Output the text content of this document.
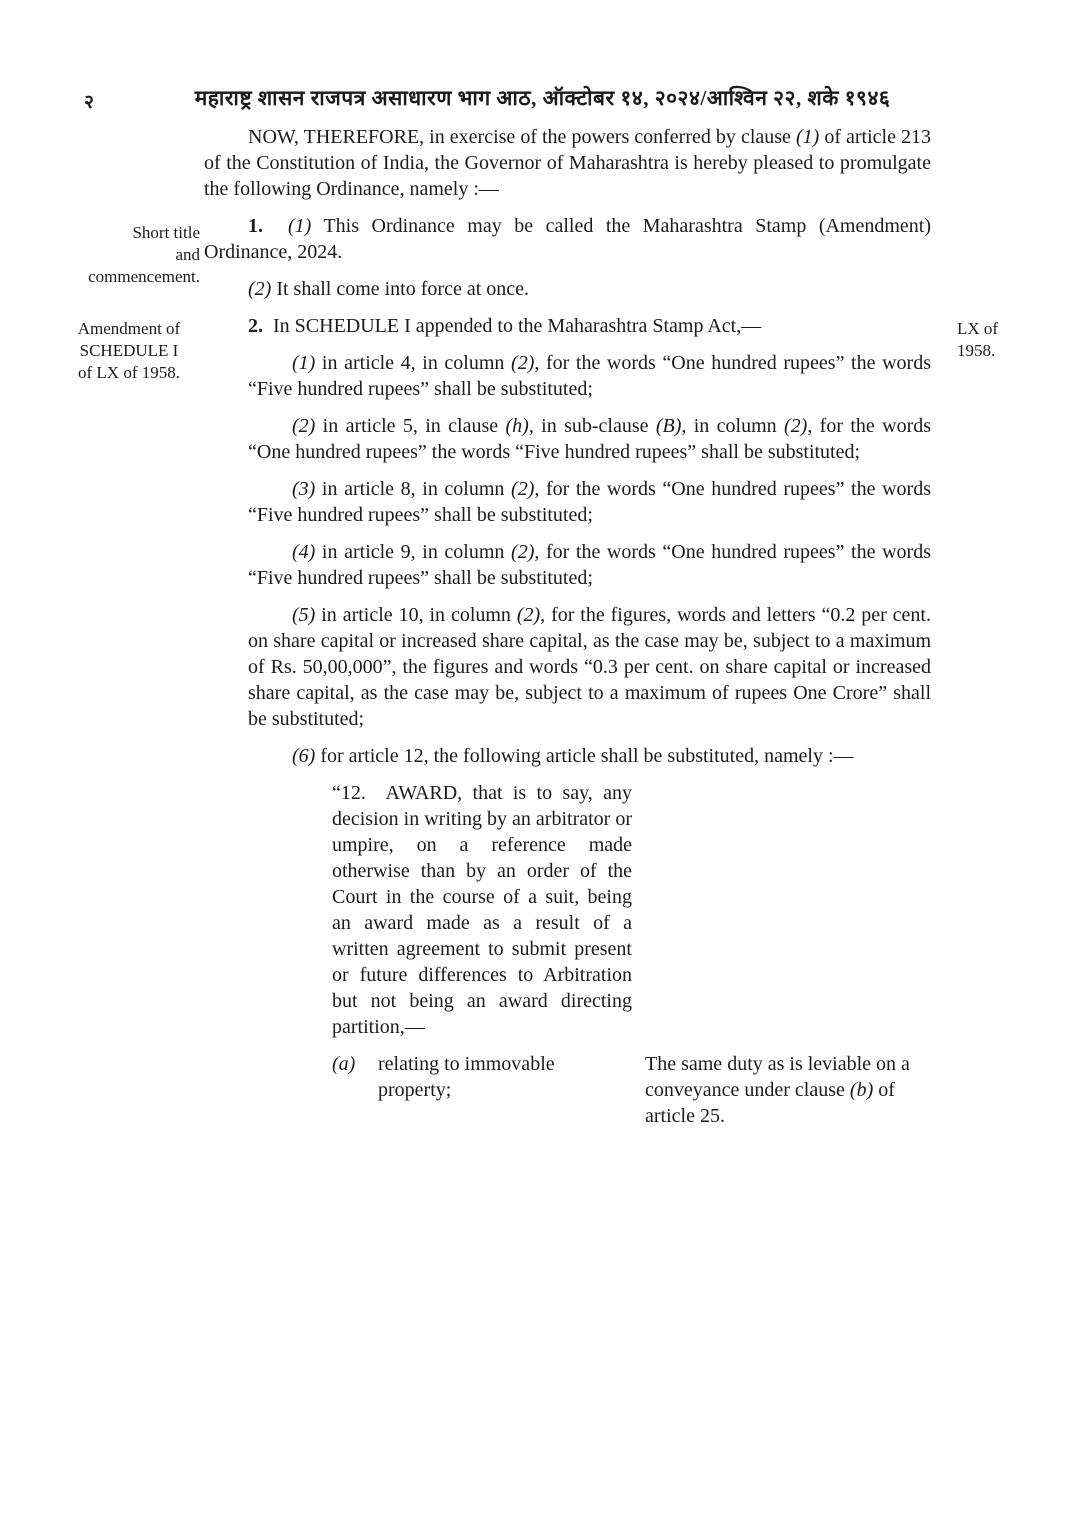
२	महाराष्ट्र शासन राजपत्र असाधारण भाग आठ, ऑक्टोबर १४, २०२४/आश्विन २२, शके १९४६
Short title
and
commencement.
Amendment of
SCHEDULE I
of LX of 1958.
LX of
1958.

NOW, THEREFORE, in exercise of the powers conferred by clause (1) of article 213 of the Constitution of India, the Governor of Maharashtra is hereby pleased to promulgate the following Ordinance, namely :—

1. (1) This Ordinance may be called the Maharashtra Stamp (Amendment) Ordinance, 2024.

(2) It shall come into force at once.

2.  In SCHEDULE I appended to the Maharashtra Stamp Act,—

(1) in article 4, in column (2), for the words “One hundred rupees” the words “Five hundred rupees” shall be substituted;

(2) in article 5, in clause (h), in sub-clause (B), in column (2), for the words “One hundred rupees” the words “Five hundred rupees” shall be substituted;

(3) in article 8, in column (2), for the words “One hundred rupees” the words “Five hundred rupees” shall be substituted;

(4) in article 9, in column (2), for the words “One hundred rupees” the words “Five hundred rupees” shall be substituted;

(5) in article 10, in column (2), for the figures, words and letters “0.2 per cent. on share capital or increased share capital, as the case may be, subject to a maximum of Rs. 50,00,000”, the figures and words “0.3 per cent. on share capital or increased share capital, as the case may be, subject to a maximum of rupees One Crore” shall be substituted;

(6) for article 12, the following article shall be substituted, namely :—

“12.  AWARD, that is to say, any decision in writing by an arbitrator or umpire, on a reference made otherwise than by an order of the Court in the course of a suit, being an award made as a result of a written agreement to submit present or future differences to Arbitration but not being an award directing partition,—

(a)	relating to immovable property;
The same duty as is leviable on a conveyance under clause (b) of article 25.
